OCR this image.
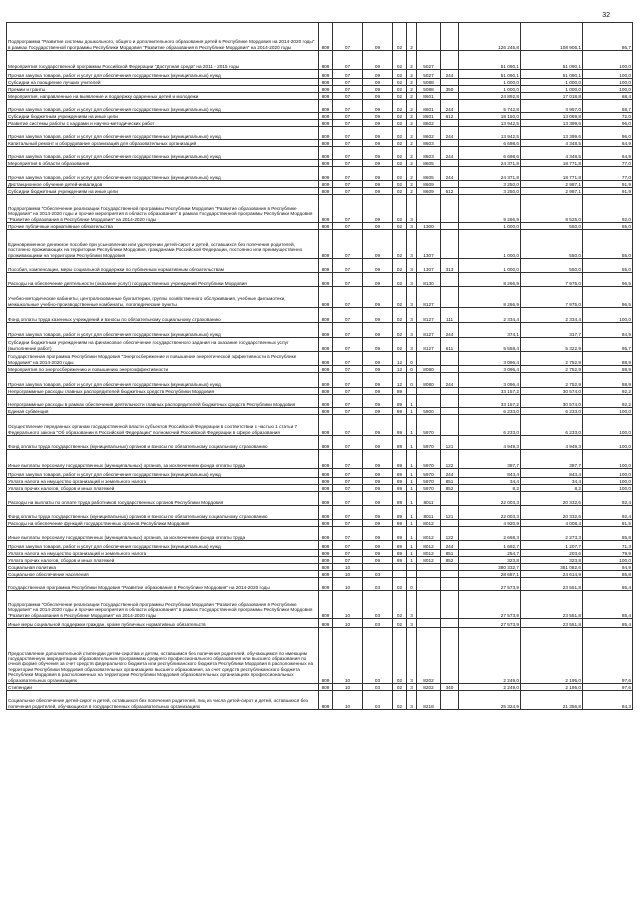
32
Подпрограмма "Развитие системы дошкольного, общего и дополнительного образования детей в Республике Мордовия на 2014-2020 годы" в рамках Государственной программы Республики Мордовия "Развитие образования в Республике Мордовия" на 2014-2020 годы	809	07	09	02	2			126 245,8	108 905,1	86,7
Мероприятия государственной программы Российской Федерации "Доступная среда" на 2011 - 2015 годы	809	07	09	02	2	5027		51 090,1	51 090,1	100,0
Прочая закупка товаров, работ и услуг для обеспечения государственных (муниципальных) нужд	809	07	09	02	2	5027	244	51 090,1	51 090,1	100,0
Субсидии на поощрение лучших учителей	809	07	09	02	2	5088		1 000,0	1 000,0	100,0
Премии и гранты	809	07	09	02	2	5088	350	1 000,0	1 000,0	100,0
Мероприятия, направленные на выявление и поддержку одаренных детей и молодежи	809	07	09	02	2	8601		24 892,8	17 018,8	68,4
Прочая закупка товаров, работ и услуг для обеспечения государственных (муниципальных) нужд	809	07	09	02	2	8601	244	5 742,8	3 957,0	68,7
Субсидии бюджетным учреждениям на иные цели	809	07	09	02	2	8601	612	18 150,0	13 069,8	72,0
Развитие системы работы с кадрами и научно-методических работ	809	07	09	02	2	8602		13 942,5	13 399,6	96,0
Прочая закупка товаров, работ и услуг для обеспечения государственных (муниципальных) нужд	809	07	09	02	2	8602	244	13 942,5	13 399,6	96,0
Капитальный ремонт и оборудование организаций для образовательных организаций	809	07	09	02	2	8603		6 698,6	4 348,5	64,9
Прочая закупка товаров, работ и услуг для обеспечения государственных (муниципальных) нужд	809	07	09	02	2	8603	244	6 698,6	4 348,5	64,9
Мероприятия в области образования	809	07	09	02	2	8605		24 371,8	18 771,8	77,0
Прочая закупка товаров, работ и услуг для обеспечения государственных (муниципальных) нужд	809	07	09	02	2	8605	244	24 371,8	18 771,8	77,0
Дистанционное обучение детей-инвалидов	809	07	09	02	2	8609		3 250,0	2 987,1	91,9
Субсидии бюджетным учреждениям на иные цели	809	07	09	02	2	8609	612	3 250,0	2 987,1	91,9
Подпрограмма "Обеспечение реализации Государственной программы Республики Мордовия "Развитие образования в Республике Мордовия" на 2014-2020 годы и прочие мероприятия в области образования" в рамках Государственной программы Республики Мордовия "Развитие образования в Республике Мордовия" на 2014-2020 годы	809	07	09	02	3			9 266,9	8 525,0	92,0
Прочие публичные нормативные обязательства	809	07	09	02	3	1300		1 000,0	550,0	55,0
Единовременное денежное пособие при усыновлении или удочерении детей-сирот и детей, оставшихся без попечения родителей, постоянно проживающих на территории Республики Мордовия, гражданами Российской Федерации, постоянно или преимущественно проживающими на территории Республики Мордовия	809	07	09	02	3	1307		1 000,0	550,0	55,0
Пособия, компенсации, меры социальной поддержки по публичным нормативным обязательствам	809	07	09	02	3	1307	313	1 000,0	550,0	55,0
Расходы на обеспечение деятельности (оказание услуг) государственных учреждений Республики Мордовия	809	07	09	02	3	8130		8 266,9	7 975,0	96,5
Учебно-методические кабинеты, централизованные бухгалтерии, группы хозяйственного обслуживания, учебные фильмотеки, межшкольные учебно-производственные комбинаты, логопедические пункты	809	07	09	02	3	8127		8 266,9	7 975,0	96,5
Фонд оплаты труда казенных учреждений и взносы по обязательному социальному страхованию	809	07	09	02	3	8127	111	2 334,4	2 334,4	100,0
Прочая закупка товаров, работ и услуг для обеспечения государственных (муниципальных) нужд	809	07	09	02	3	8127	244	374,1	317,7	84,9
Субсидии бюджетным учреждениям на финансовое обеспечение государственного задания на оказание государственных услуг (выполнение работ)	809	07	09	02	3	8127	611	5 558,4	5 322,9	95,7
Государственная программа Республики Мордовия "Энергосбережение и повышение энергетической эффективности в Республике Мордовия" на 2014-2020 годы	809	07	09	12	0			3 096,4	2 752,9	88,9
Мероприятия по энергосбережению и повышению энергоэффективности	809	07	09	12	0	8080		3 096,4	2 752,9	88,9
Прочая закупка товаров, работ и услуг для обеспечения государственных (муниципальных) нужд	809	07	09	12	0	8080	244	3 096,4	2 752,9	88,9
Непрограммные расходы главных распорядителей бюджетных средств Республики Мордовия	809	07	09	89				33 157,2	30 574,0	92,2
Непрограммные расходы в рамках обеспечения деятельности главных распорядителей бюджетных средств Республики Мордовия	809	07	09	89	1			33 157,2	30 574,0	92,2
Единая субвенция	809	07	09	89	1	5900		6 233,0	6 233,0	100,0
Осуществление переданных органам государственной власти субъектов Российской Федерации в соответствии с частью 1 статьи 7 Федерального закона "Об образовании в Российской Федерации" полномочий Российской Федерации в сфере образования	809	07	09	89	1	5970		6 233,0	6 233,0	100,0
Фонд оплаты труда государственных (муниципальных) органов и взносы по обязательному социальному страхованию	809	07	09	89	1	5970	121	4 949,3	4 949,3	100,0
Иные выплаты персоналу государственных (муниципальных) органов, за исключением фонда оплаты труда	809	07	09	89	1	5970	122	387,7	387,7	100,0
Прочая закупка товаров, работ и услуг для обеспечения государственных (муниципальных) нужд	809	07	09	89	1	5970	244	843,4	843,4	100,0
Уплата налога на имущество организаций и земельного налога	809	07	09	89	1	5970	851	34,4	34,4	100,0
Уплата прочих налогов, сборов и иных платежей	809	07	09	89	1	5970	852	8,2	8,2	100,0
Расходы на выплаты по оплате труда работников государственных органов Республики Мордовия	809	07	09	89	1	8011		22 003,3	20 332,6	92,4
Фонд оплаты труда государственных (муниципальных) органов и взносы по обязательному социальному страхованию	809	07	09	89	1	8011	121	22 003,3	20 332,6	92,4
Расходы на обеспечение функций государственных органов Республики Мордовия	809	07	09	89	1	8012		4 920,9	4 008,4	81,5
Иные выплаты персоналу государственных (муниципальных) органов, за исключением фонда оплаты труда	809	07	09	89	1	8012	122	2 668,3	2 273,3	85,8
Прочая закупка товаров, работ и услуг для обеспечения государственных (муниципальных) нужд	809	07	09	89	1	8012	244	1 692,7	1 207,7	71,3
Уплата налога на имущество организаций и земельного налога	809	07	09	89	1	8012	851	254,7	203,6	79,9
Уплата прочих налогов, сборов и иных платежей	809	07	09	89	1	8012	852	323,8	323,8	100,0
Социальная политика	809	10						380 332,7	361 082,6	94,9
Социальное обеспечение населения	809	10	03					28 687,1	24 614,9	85,8
Государственная программа Республики Мордовия "Развитие образования в Республике Мордовия" на 2014-2020 годы	809	10	03	02	0			27 573,9	23 551,8	85,4
Подпрограмма "Обеспечение реализации Государственной программы Республики Мордовия "Развитие образования в Республике Мордовия" на 2014-2020 годы и прочие мероприятия в области образования" в рамках Государственной программы Республики Мордовия "Развитие образования в Республике Мордовия" на 2014-2020 годы	809	10	03	02	3			27 573,9	23 551,8	85,4
Иные меры социальной поддержки граждан, кроме публичных нормативных обязательств	809	10	03	02	3			27 573,9	23 551,8	85,4
Предоставление дополнительной стипендии детям-сиротам и детям, оставшимся без попечения родителей, обучающимся по имеющим государственную аккредитацию образовательным программам среднего профессионального образования или высшего образования по очной форме обучения за счет средств федерального бюджета или республиканского бюджета Республики Мордовия в расположенных на территории Республики Мордовия образовательных организациях высшего образования, за счет средств республиканского бюджета Республики Мордовия в расположенных на территории Республики Мордовия образовательных организациях профессиональных образовательных организациях	809	10	03	02	3	8202		2 249,0	2 195,0	97,6
Стипендии	809	10	03	02	3	8202	340	2 249,0	2 195,0	97,6
Социальное обеспечение детей-сирот и детей, оставшихся без попечения родителей, лиц из числа детей-сирот и детей, оставшихся без попечения родителей, обучающихся в государственных образовательных организациях	809	10	03	02	3	8218		25 324,9	21 356,8	84,3
